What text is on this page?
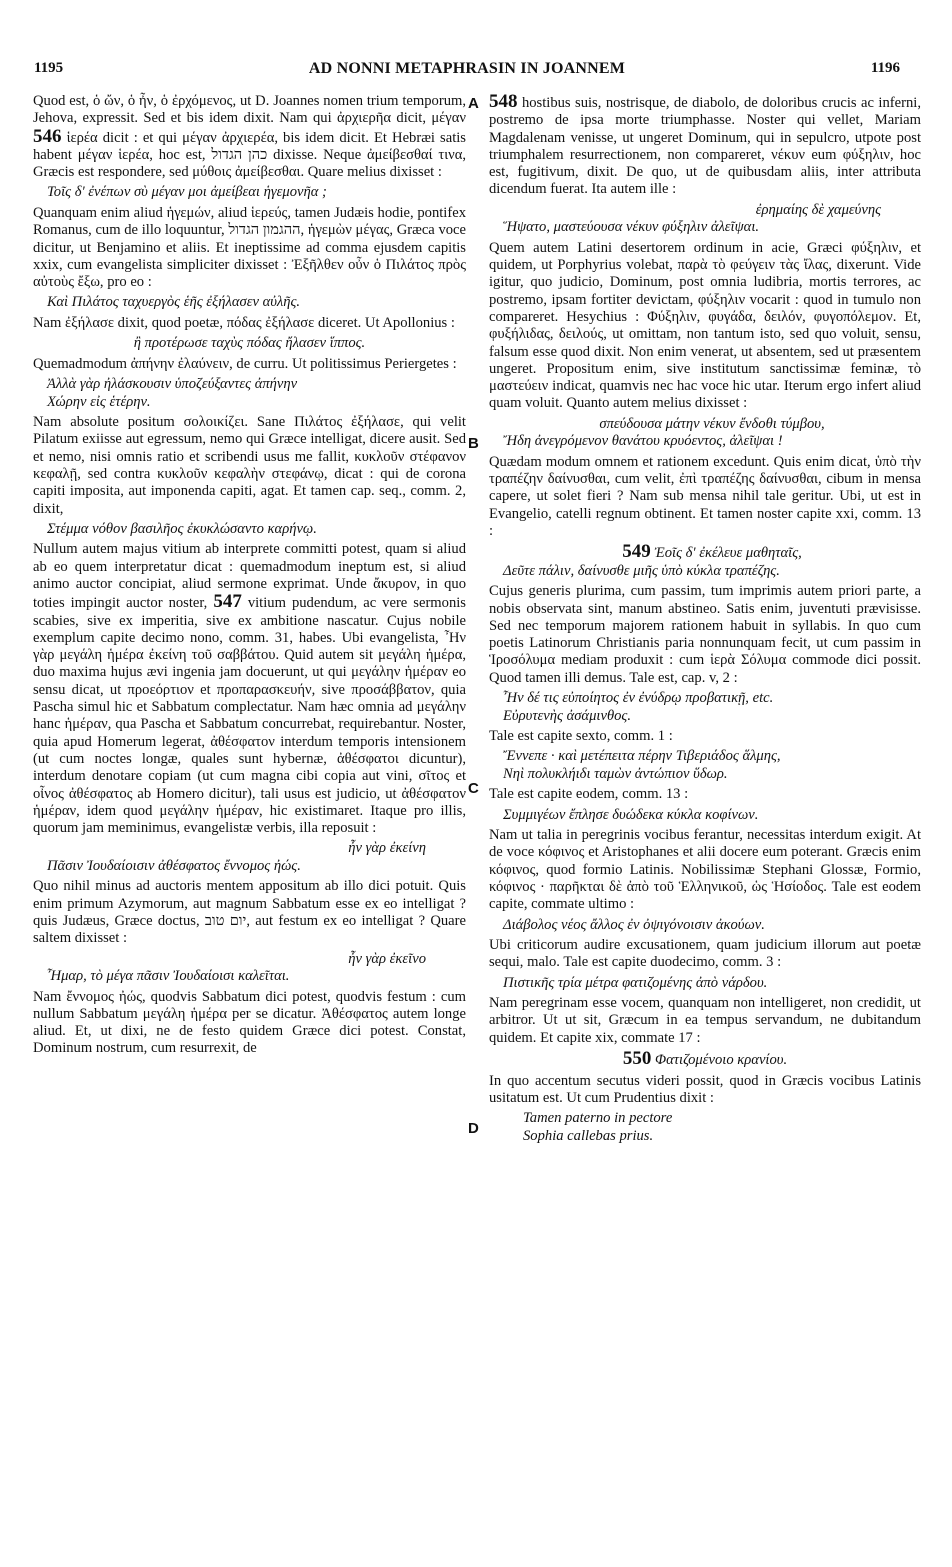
1195	AD NONNI METAPHRASIN IN JOANNEM	1196
A
B
C
D

Quod est, ὁ ὤν, ὁ ἦν, ὁ ἐρχόμενος, ut D. Joannes nomen trium temporum, Jehova, expressit. Sed et bis idem dixit. Nam qui ἀρχιερῆα dicit, μέγαν 546 ἱερέα dicit : et qui μέγαν ἀρχιερέα, bis idem dicit. Et Hebræi satis habent μέγαν ἱερέα, hoc est, כהן הגדול dixisse. Neque ἀμείβεσθαί τινα, Græcis est respondere, sed μύθοις ἀμείβεσθαι. Quare melius dixisset :

Τοῖς δ' ἐνέπων σὺ μέγαν μοι ἀμείβεαι ἡγεμονῆα ;

Quanquam enim aliud ἡγεμών, aliud ἱερεύς, tamen Judæis hodie, pontifex Romanus, cum de illo loquuntur, ההגמון הגדול, ἡγεμὼν μέγας, Græca voce dicitur, ut Benjamino et aliis. Et ineptissime ad comma ejusdem capitis xxix, cum evangelista simpliciter dixisset : Ἐξῆλθεν οὖν ὁ Πιλάτος πρὸς αὐτοὺς ἔξω, pro eo :

Καὶ Πιλάτος ταχυεργὸς ἑῆς ἐξήλασεν αὐλῆς.

Nam ἐξήλασε dixit, quod poetæ, πόδας ἐξήλασε diceret. Ut Apollonius :

ἢ προτέρωσε ταχὺς πόδας ἤλασεν ἵππος.

Quemadmodum ἀπήνην ἐλαύνειν, de curru. Ut politissimus Periergetes :

Ἀλλὰ γὰρ ἠλάσκουσιν ὑποζεύξαντες ἀπήνην
Χώρην εἰς ἑτέρην.

Nam absolute positum σολοικίζει. Sane Πιλάτος ἐξήλασε, qui velit Pilatum exiisse aut egressum, nemo qui Græce intelligat, dicere ausit. Sed et nemo, nisi omnis ratio et scribendi usus me fallit, κυκλοῦν στέφανον κεφαλῇ, sed contra κυκλοῦν κεφαλὴν στεφάνῳ, dicat : qui de corona capiti imposita, aut imponenda capiti, agat. Et tamen cap. seq., comm. 2, dixit,

Στέμμα νόθον βασιλῆος ἐκυκλώσαντο καρήνῳ.

Nullum autem majus vitium ab interprete committi potest, quam si aliud ab eo quem interpretatur dicat : quemadmodum ineptum est, si aliud animo auctor concipiat, aliud sermone exprimat. Unde ἄκυρον, in quo toties impingit auctor noster, 547 vitium pudendum, ac vere sermonis scabies, sive ex imperitia, sive ex ambitione nascatur. Cujus nobile exemplum capite decimo nono, comm. 31, habes. Ubi evangelista, Ἦν γὰρ μεγάλη ἡμέρα ἐκείνη τοῦ σαββάτου. Quid autem sit μεγάλη ἡμέρα, duo maxima hujus ævi ingenia jam docuerunt, ut qui μεγάλην ἡμέραν eo sensu dicat, ut προεόρτιον et προπαρασκευήν, sive προσάββατον, quia Pascha simul hic et Sabbatum complectatur. Nam hæc omnia ad μεγάλην hanc ἡμέραν, qua Pascha et Sabbatum concurrebat, requirebantur. Noster, quia apud Homerum legerat, ἀθέσφατον interdum temporis intensionem (ut cum noctes longæ, quales sunt hybernæ, ἀθέσφατοι dicuntur), interdum denotare copiam (ut cum magna cibi copia aut vini, σῖτος et οἶνος ἀθέσφατος ab Homero dicitur), tali usus est judicio, ut ἀθέσφατον ἡμέραν, idem quod μεγάλην ἡμέραν, hic existimaret. Itaque pro illis, quorum jam meminimus, evangelistæ verbis, illa reposuit :

ἦν γὰρ ἐκείνη
Πᾶσιν Ἰουδαίοισιν ἀθέσφατος ἔννομος ἠώς.

Quo nihil minus ad auctoris mentem appositum ab illo dici potuit. Quis enim primum Azymorum, aut magnum Sabbatum esse ex eo intelligat ? quis Judæus, Græce doctus, יום טוב, aut festum ex eo intelligat ? Quare saltem dixisset :

ἦν γὰρ ἐκεῖνο
Ἦμαρ, τὸ μέγα πᾶσιν Ἰουδαίοισι καλεῖται.

Nam ἔννομος ἠώς, quodvis Sabbatum dici potest, quodvis festum : cum nullum Sabbatum μεγάλη ἡμέρα per se dicatur. Ἀθέσφατος autem longe aliud. Et, ut dixi, ne de festo quidem Græce dici potest. Constat, Dominum nostrum, cum resurrexit, de

548 hostibus suis, nostrisque, de diabolo, de doloribus crucis ac inferni, postremo de ipsa morte triumphasse. Noster qui vellet, Mariam Magdalenam venisse, ut ungeret Dominum, qui in sepulcro, utpote post triumphalem resurrectionem, non compareret, νέκυν eum φύξηλιν, hoc est, fugitivum, dixit. De quo, ut de quibusdam aliis, inter attributa dicendum fuerat. Ita autem ille :

ἐρημαίης δὲ χαμεύνης
Ἥψατο, μαστεύουσα νέκυν φύξηλιν ἀλεῖψαι.

Quem autem Latini desertorem ordinum in acie, Græci φύξηλιν, et quidem, ut Porphyrius volebat, παρὰ τὸ φεύγειν τὰς ἴλας, dixerunt. Vide igitur, quo judicio, Dominum, post omnia ludibria, mortis terrores, ac postremo, ipsam fortiter devictam, φύξηλιν vocarit : quod in tumulo non compareret. Hesychius : Φύξηλιν, φυγάδα, δειλόν, φυγοπόλεμον. Et, φυξήλιδας, δειλούς, ut omittam, non tantum isto, sed quo voluit, sensu, falsum esse quod dixit. Non enim venerat, ut absentem, sed ut præsentem ungeret. Propositum enim, sive institutum sanctissimæ feminæ, τὸ μαστεύειν indicat, quamvis nec hac voce hic utar. Iterum ergo infert aliud quam voluit. Quanto autem melius dixisset :

σπεύδουσα μάτην νέκυν ἔνδοθι τύμβου,
Ἤδη ἀνεγρόμενον θανάτου κρυόεντος, ἀλεῖψαι !

Quædam modum omnem et rationem excedunt. Quis enim dicat, ὑπὸ τὴν τραπέζην δαίνυσθαι, cum velit, ἐπὶ τραπέζης δαίνυσθαι, cibum in mensa capere, ut solet fieri ? Nam sub mensa nihil tale geritur. Ubi, ut est in Evangelio, catelli regnum obtinent. Et tamen noster capite xxi, comm. 13 :

549 Ἐοῖς δ' ἐκέλευε μαθηταῖς,
Δεῦτε πάλιν, δαίνυσθε μιῆς ὑπὸ κύκλα τραπέζης.

Cujus generis plurima, cum passim, tum imprimis autem priori parte, a nobis observata sint, manum abstineo. Satis enim, juventuti prævisisse. Sed nec temporum majorem rationem habuit in syllabis. In quo cum poetis Latinorum Christianis paria nonnunquam fecit, ut cum passim in Ἱροσόλυμα mediam produxit : cum ἱερὰ Σόλυμα commode dici possit. Quod tamen illi demus. Tale est, cap. v, 2 :

Ἦν δέ τις εὐποίητος ἐν ἐνύδρῳ προβατικῇ, etc.
Εὐρυτενὴς ἀσάμινθος.

Tale est capite sexto, comm. 1 :

Ἔννεπε · καὶ μετέπειτα πέρην Τιβεριάδος ἅλμης,
Νηὶ πολυκλήιδι ταμὼν ἀντώπιον ὕδωρ.

Tale est capite eodem, comm. 13 :

Συμμιγέων ἔπλησε δυώδεκα κύκλα κοφίνων.

Nam ut talia in peregrinis vocibus ferantur, necessitas interdum exigit. At de voce κόφινος et Aristophanes et alii docere eum poterant. Græcis enim κόφινος, quod formio Latinis. Nobilissimæ Stephani Glossæ, Formio, κόφινος · παρῆκται δὲ ἀπὸ τοῦ Ἑλληνικοῦ, ὡς Ἡσίοδος. Tale est eodem capite, commate ultimo :

Διάβολος νέος ἄλλος ἐν ὀψιγόνοισιν ἀκούων.

Ubi criticorum audire excusationem, quam judicium illorum aut poetæ sequi, malo. Tale est capite duodecimo, comm. 3 :

Πιστικῆς τρία μέτρα φατιζομένης ἀπὸ νάρδου.

Nam peregrinam esse vocem, quanquam non intelligeret, non credidit, ut arbitror. Ut ut sit, Græcum in ea tempus servandum, ne dubitandum quidem. Et capite xix, commate 17 :

550 Φατιζομένοιο κρανίου.

In quo accentum secutus videri possit, quod in Græcis vocibus Latinis usitatum est. Ut cum Prudentius dixit :

Tamen paterno in pectore
Sophia callebas prius.
